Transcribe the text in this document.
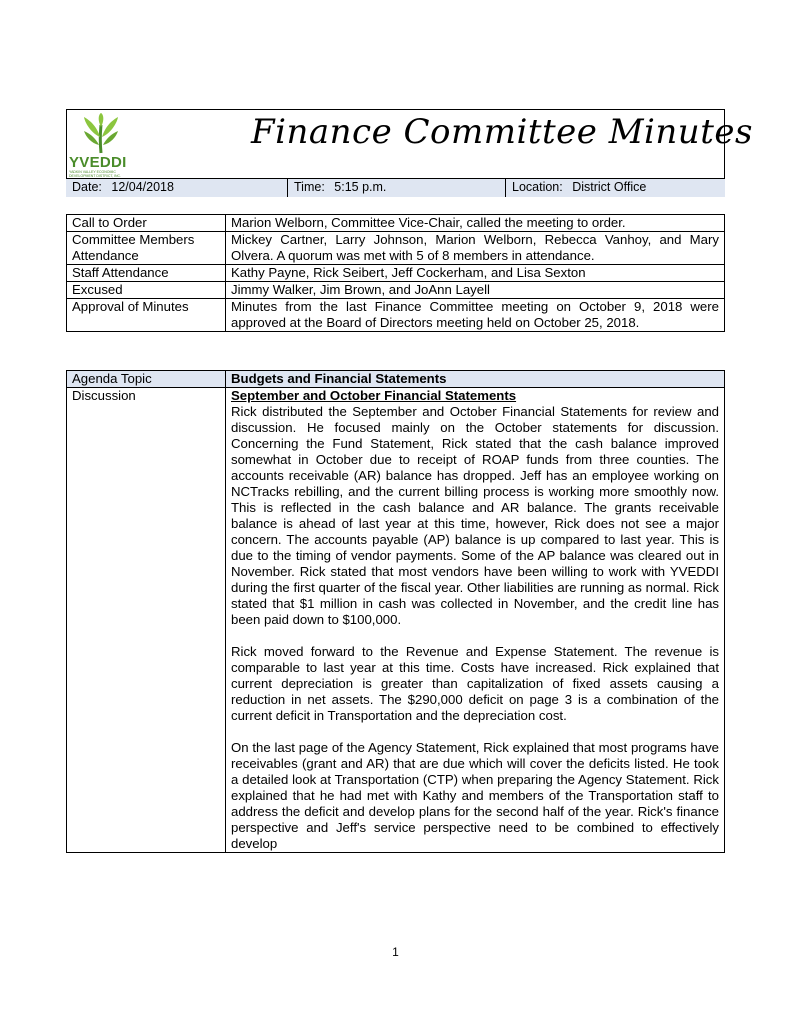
YVEDDI
YADKIN VALLEY ECONOMIC DEVELOPMENT DISTRICT, INC.
Finance Committee Minutes
Date: 12/04/2018	Time: 5:15 p.m.	Location: District Office
Call to Order	Marion Welborn, Committee Vice-Chair, called the meeting to order.
Committee Members Attendance	Mickey Cartner, Larry Johnson, Marion Welborn, Rebecca Vanhoy, and Mary Olvera. A quorum was met with 5 of 8 members in attendance.
Staff Attendance	Kathy Payne, Rick Seibert, Jeff Cockerham, and Lisa Sexton
Excused	Jimmy Walker, Jim Brown, and JoAnn Layell
Approval of Minutes	Minutes from the last Finance Committee meeting on October 9, 2018 were approved at the Board of Directors meeting held on October 25, 2018.
Agenda Topic	Budgets and Financial Statements
Discussion	September and October Financial Statements

Rick distributed the September and October Financial Statements for review and discussion. He focused mainly on the October statements for discussion. Concerning the Fund Statement, Rick stated that the cash balance improved somewhat in October due to receipt of ROAP funds from three counties. The accounts receivable (AR) balance has dropped. Jeff has an employee working on NCTracks rebilling, and the current billing process is working more smoothly now. This is reflected in the cash balance and AR balance. The grants receivable balance is ahead of last year at this time, however, Rick does not see a major concern. The accounts payable (AP) balance is up compared to last year. This is due to the timing of vendor payments. Some of the AP balance was cleared out in November. Rick stated that most vendors have been willing to work with YVEDDI during the first quarter of the fiscal year. Other liabilities are running as normal. Rick stated that $1 million in cash was collected in November, and the credit line has been paid down to $100,000.

Rick moved forward to the Revenue and Expense Statement. The revenue is comparable to last year at this time. Costs have increased. Rick explained that current depreciation is greater than capitalization of fixed assets causing a reduction in net assets. The $290,000 deficit on page 3 is a combination of the current deficit in Transportation and the depreciation cost.

On the last page of the Agency Statement, Rick explained that most programs have receivables (grant and AR) that are due which will cover the deficits listed. He took a detailed look at Transportation (CTP) when preparing the Agency Statement. Rick explained that he had met with Kathy and members of the Transportation staff to address the deficit and develop plans for the second half of the year. Rick's finance perspective and Jeff's service perspective need to be combined to effectively develop

1
